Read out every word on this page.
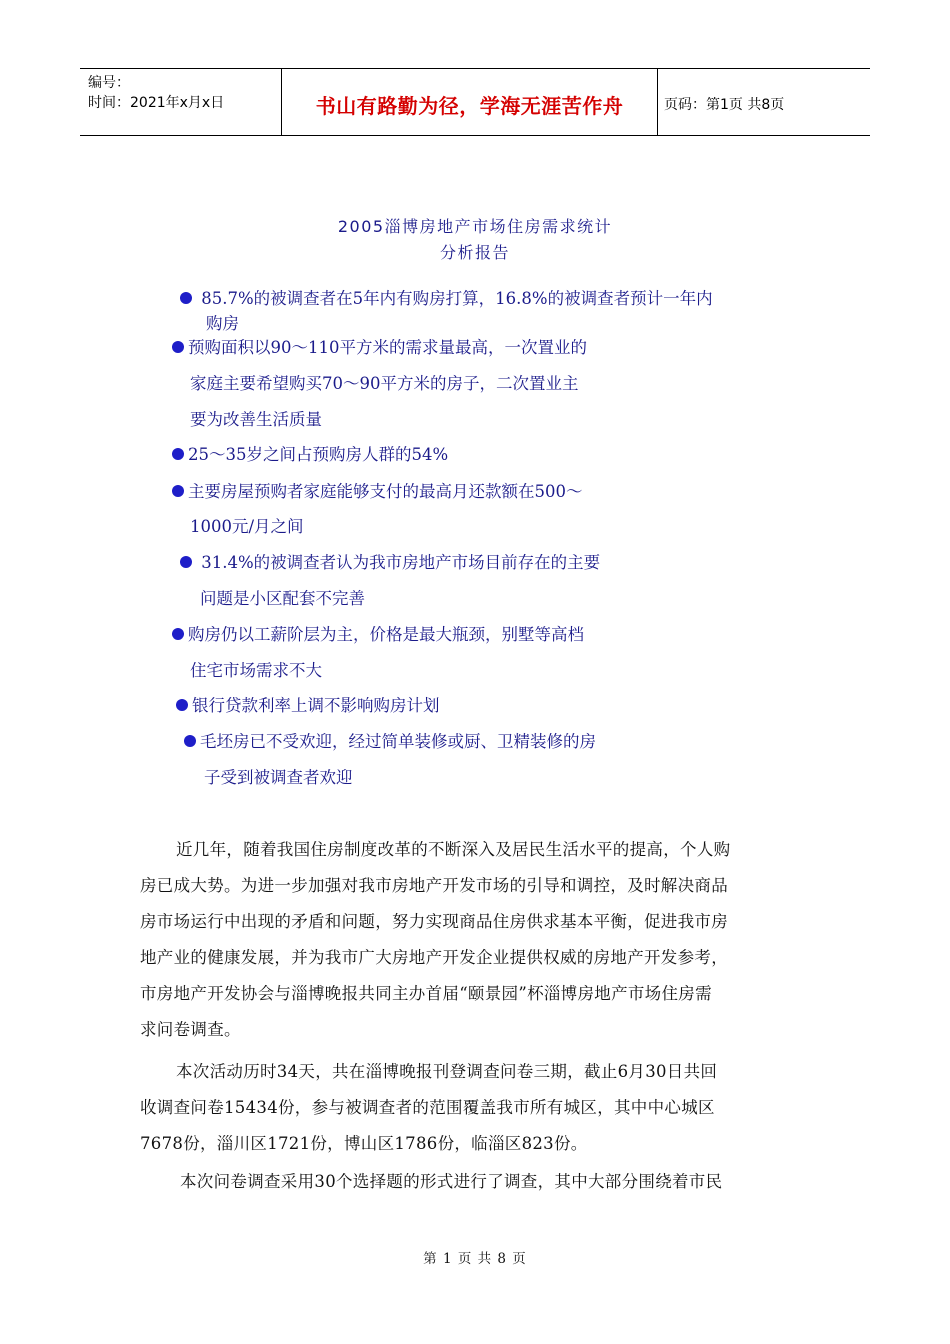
编号：
时间：2021年x月x日	书山有路勤为径，学海无涯苦作舟	页码：第1页 共8页
2005淄博房地产市场住房需求统计
分析报告
85.7%的被调查者在5年内有购房打算，16.8%的被调查者预计一年内
购房
预购面积以90～110平方米的需求量最高，一次置业的
家庭主要希望购买70～90平方米的房子，二次置业主
要为改善生活质量
25～35岁之间占预购房人群的54%
主要房屋预购者家庭能够支付的最高月还款额在500～
1000元/月之间
31.4%的被调查者认为我市房地产市场目前存在的主要
问题是小区配套不完善
购房仍以工薪阶层为主，价格是最大瓶颈，别墅等高档
住宅市场需求不大
银行贷款利率上调不影响购房计划
毛坯房已不受欢迎，经过简单装修或厨、卫精装修的房
子受到被调查者欢迎
近几年，随着我国住房制度改革的不断深入及居民生活水平的提高，个人购
房已成大势。为进一步加强对我市房地产开发市场的引导和调控，及时解决商品
房市场运行中出现的矛盾和问题，努力实现商品住房供求基本平衡，促进我市房
地产业的健康发展，并为我市广大房地产开发企业提供权威的房地产开发参考，
市房地产开发协会与淄博晚报共同主办首届“颐景园”杯淄博房地产市场住房需
求问卷调查。
本次活动历时34天，共在淄博晚报刊登调查问卷三期，截止6月30日共回
收调查问卷15434份，参与被调查者的范围覆盖我市所有城区，其中中心城区
7678份，淄川区1721份，博山区1786份，临淄区823份。
本次问卷调查采用30个选择题的形式进行了调查，其中大部分围绕着市民
第 1 页 共 8 页
